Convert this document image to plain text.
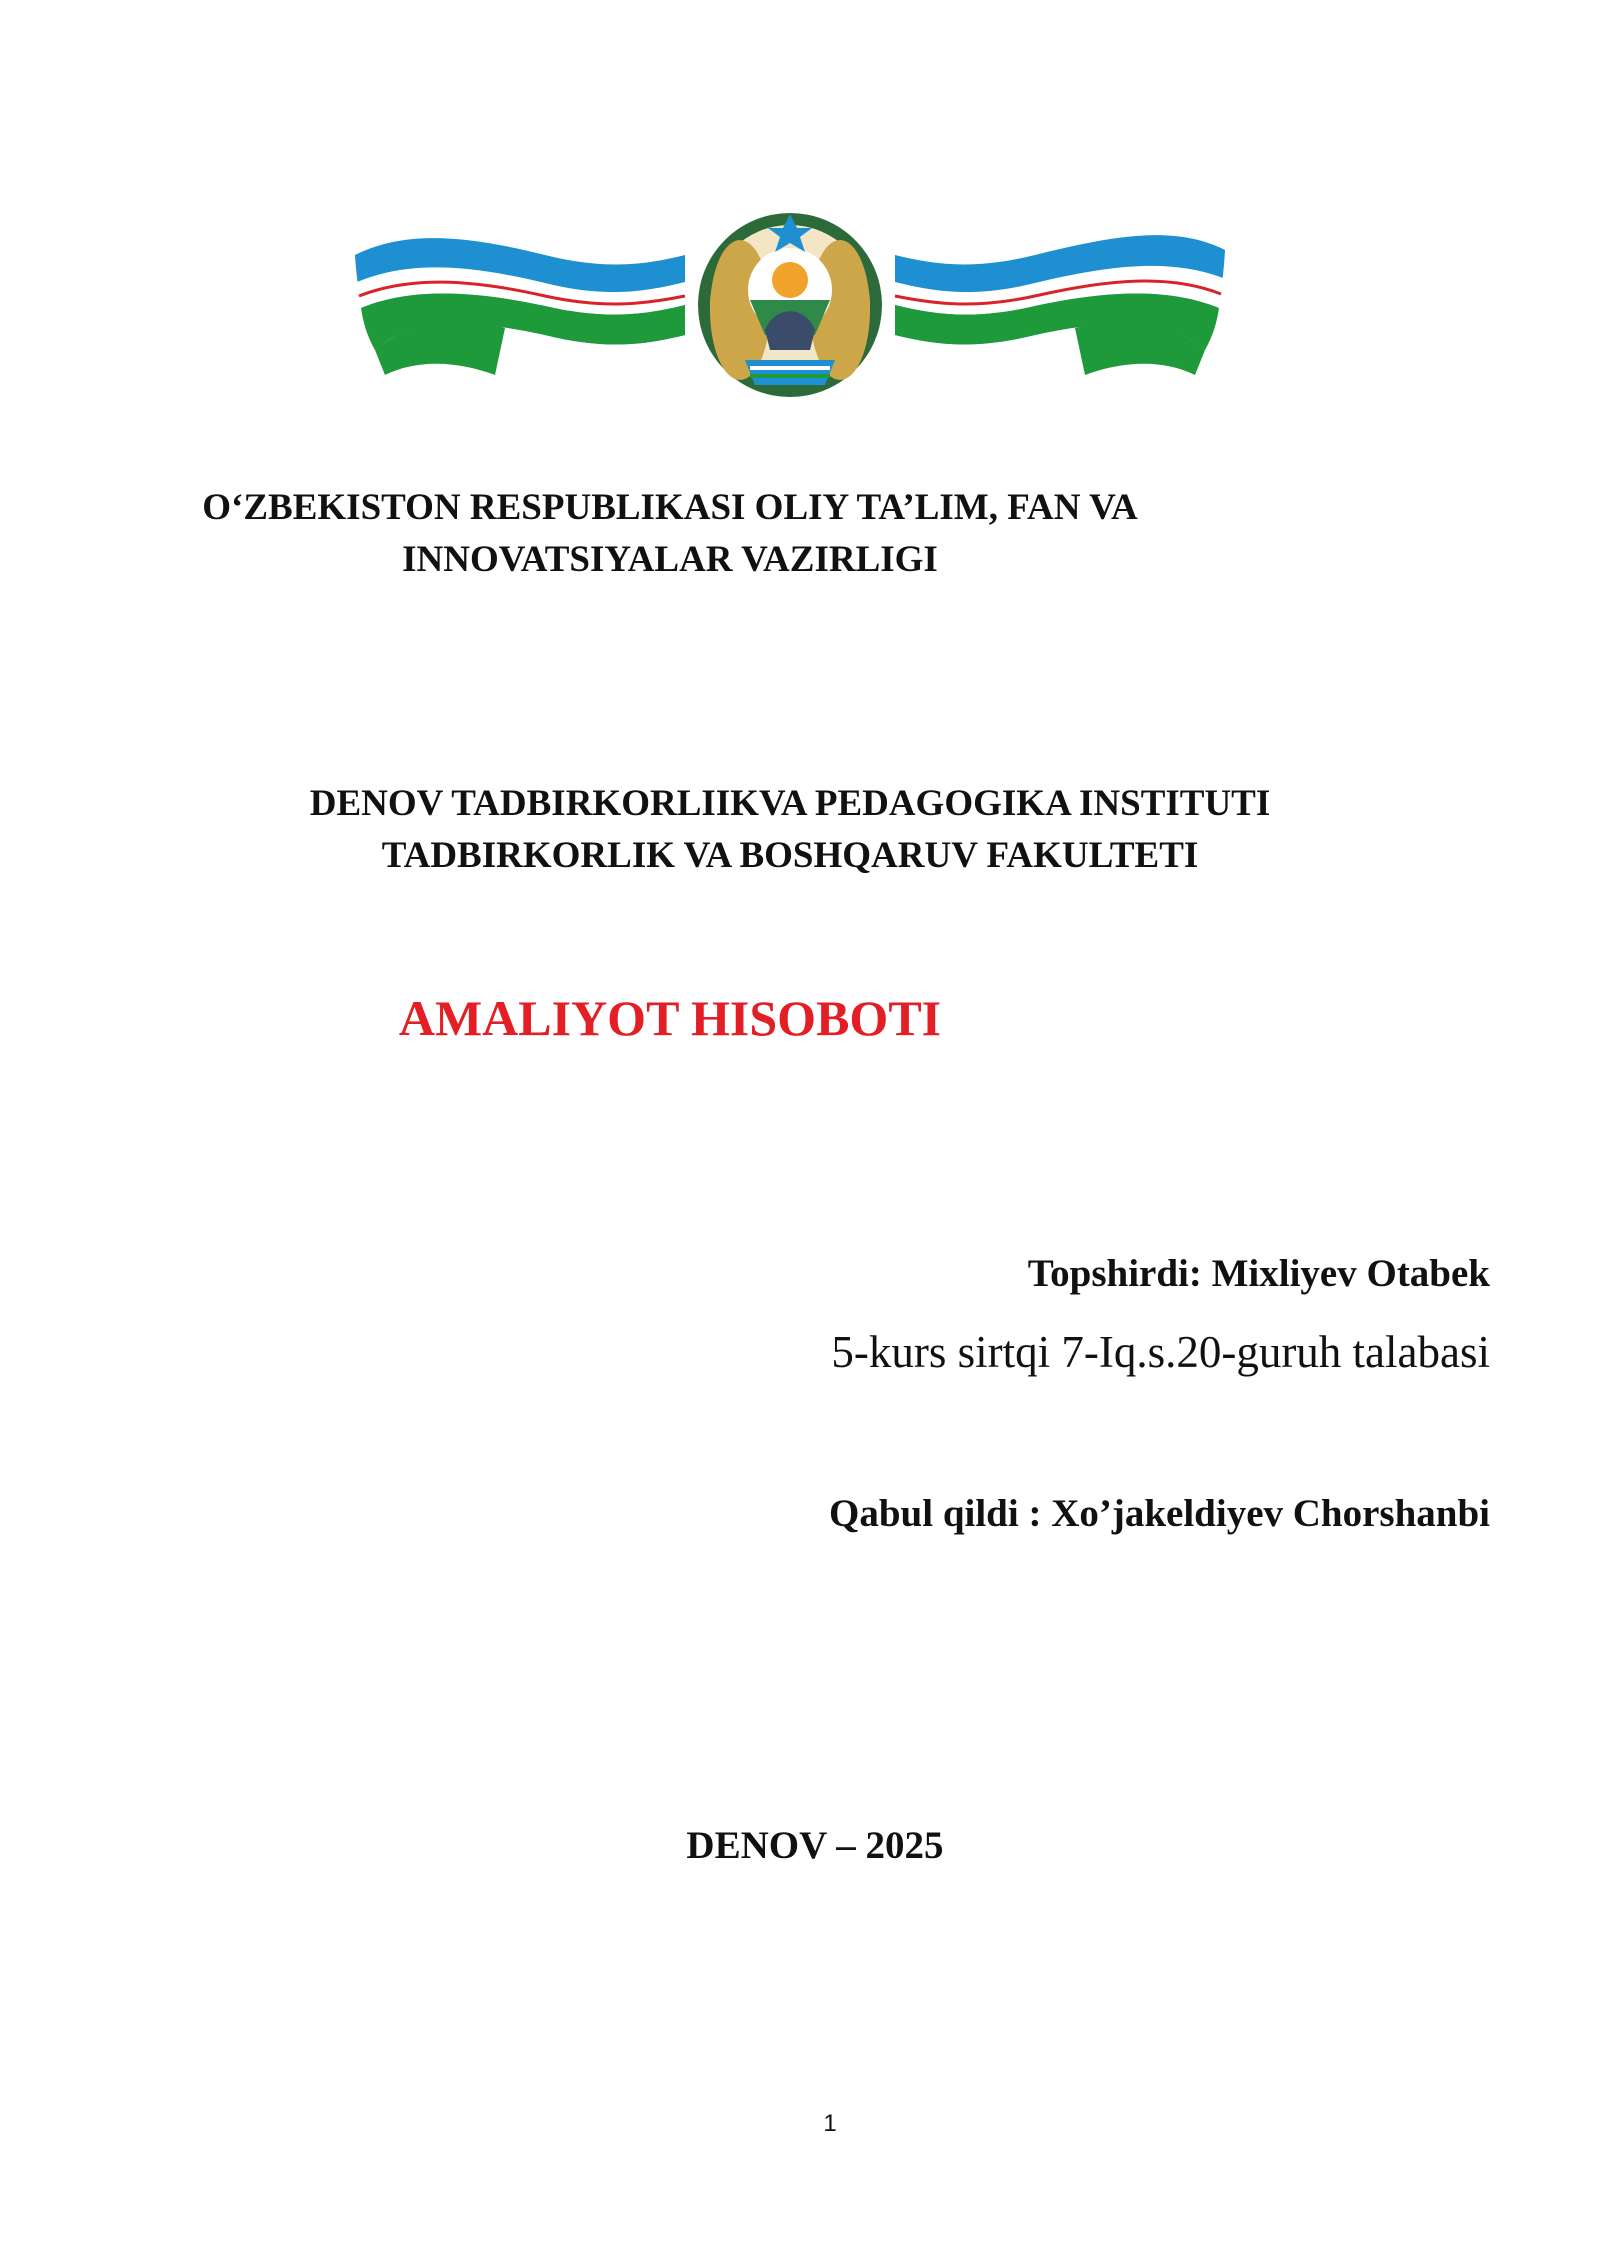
O‘ZBEKISTON RESPUBLIKASI OLIY TA’LIM, FAN VA
INNOVATSIYALAR VAZIRLIGI
DENOV TADBIRKORLIIKVA PEDAGOGIKA INSTITUTI
TADBIRKORLIK VA BOSHQARUV FAKULTETI
AMALIYOT HISOBOTI
Topshirdi: Mixliyev Otabek
5-kurs sirtqi 7-Iq.s.20-guruh talabasi
Qabul qildi : Xo’jakeldiyev Chorshanbi
DENOV – 2025
1
